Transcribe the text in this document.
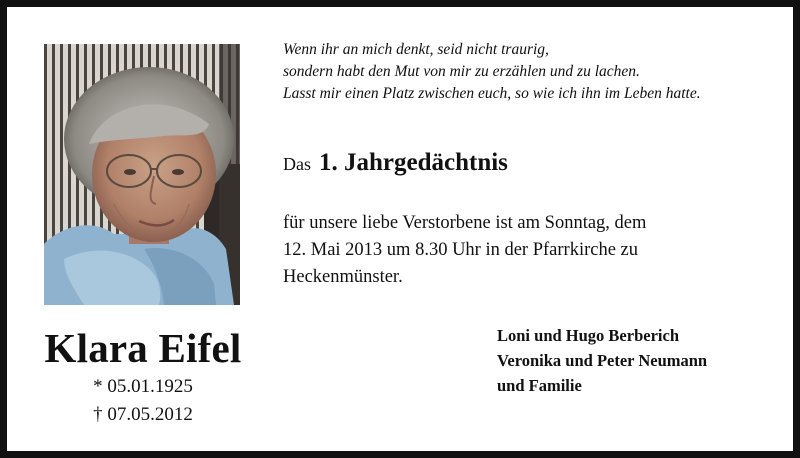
Klara Eifel
* 05.01.1925
† 07.05.2012
Wenn ihr an mich denkt, seid nicht traurig,
sondern habt den Mut von mir zu erzählen und zu lachen.
Lasst mir einen Platz zwischen euch, so wie ich ihn im Leben hatte.
Das 1. Jahrgedächtnis
für unsere liebe Verstorbene ist am Sonntag, dem
12. Mai 2013 um 8.30 Uhr in der Pfarrkirche zu
Heckenmünster.
Loni und Hugo Berberich
Veronika und Peter Neumann
und Familie
